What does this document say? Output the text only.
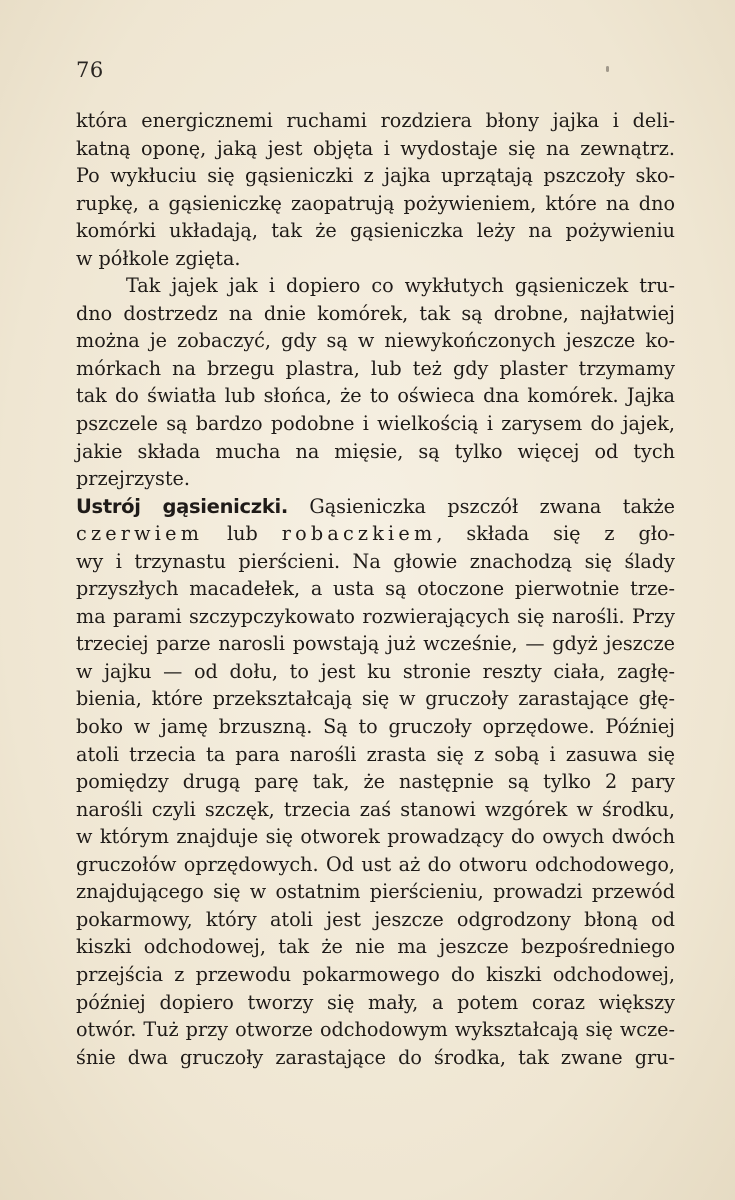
76
która energicznemi ruchami rozdziera błony jajka i deli-
katną oponę, jaką jest objęta i wydostaje się na zewnątrz.
Po wykłuciu się gąsieniczki z jajka uprzątają pszczoły sko-
rupkę, a gąsieniczkę zaopatrują pożywieniem, które na dno
komórki układają, tak że gąsieniczka leży na pożywieniu
w półkole zgięta.
Tak jajek jak i dopiero co wykłutych gąsieniczek tru-
dno dostrzedz na dnie komórek, tak są drobne, najłatwiej
można je zobaczyć, gdy są w niewykończonych jeszcze ko-
mórkach na brzegu plastra, lub też gdy plaster trzymamy
tak do światła lub słońca, że to oświeca dna komórek. Jajka
pszczele są bardzo podobne i wielkością i zarysem do jajek,
jakie składa mucha na mięsie, są tylko więcej od tych
przejrzyste.
Ustrój gąsieniczki. Gąsieniczka pszczół zwana także
czerwiem lub robaczkiem, składa się z gło-
wy i trzynastu pierścieni. Na głowie znachodzą się ślady
przyszłych macadełek, a usta są otoczone pierwotnie trze-
ma parami szczypczykowato rozwierających się narośli. Przy
trzeciej parze narosli powstają już wcześnie, — gdyż jeszcze
w jajku — od dołu, to jest ku stronie reszty ciała, zagłę-
bienia, które przekształcają się w gruczoły zarastające głę-
boko w jamę brzuszną. Są to gruczoły oprzędowe. Później
atoli trzecia ta para narośli zrasta się z sobą i zasuwa się
pomiędzy drugą parę tak, że następnie są tylko 2 pary
narośli czyli szczęk, trzecia zaś stanowi wzgórek w środku,
w którym znajduje się otworek prowadzący do owych dwóch
gruczołów oprzędowych. Od ust aż do otworu odchodowego,
znajdującego się w ostatnim pierścieniu, prowadzi przewód
pokarmowy, który atoli jest jeszcze odgrodzony błoną od
kiszki odchodowej, tak że nie ma jeszcze bezpośredniego
przejścia z przewodu pokarmowego do kiszki odchodowej,
później dopiero tworzy się mały, a potem coraz większy
otwór. Tuż przy otworze odchodowym wykształcają się wcze-
śnie dwa gruczoły zarastające do środka, tak zwane gru-
